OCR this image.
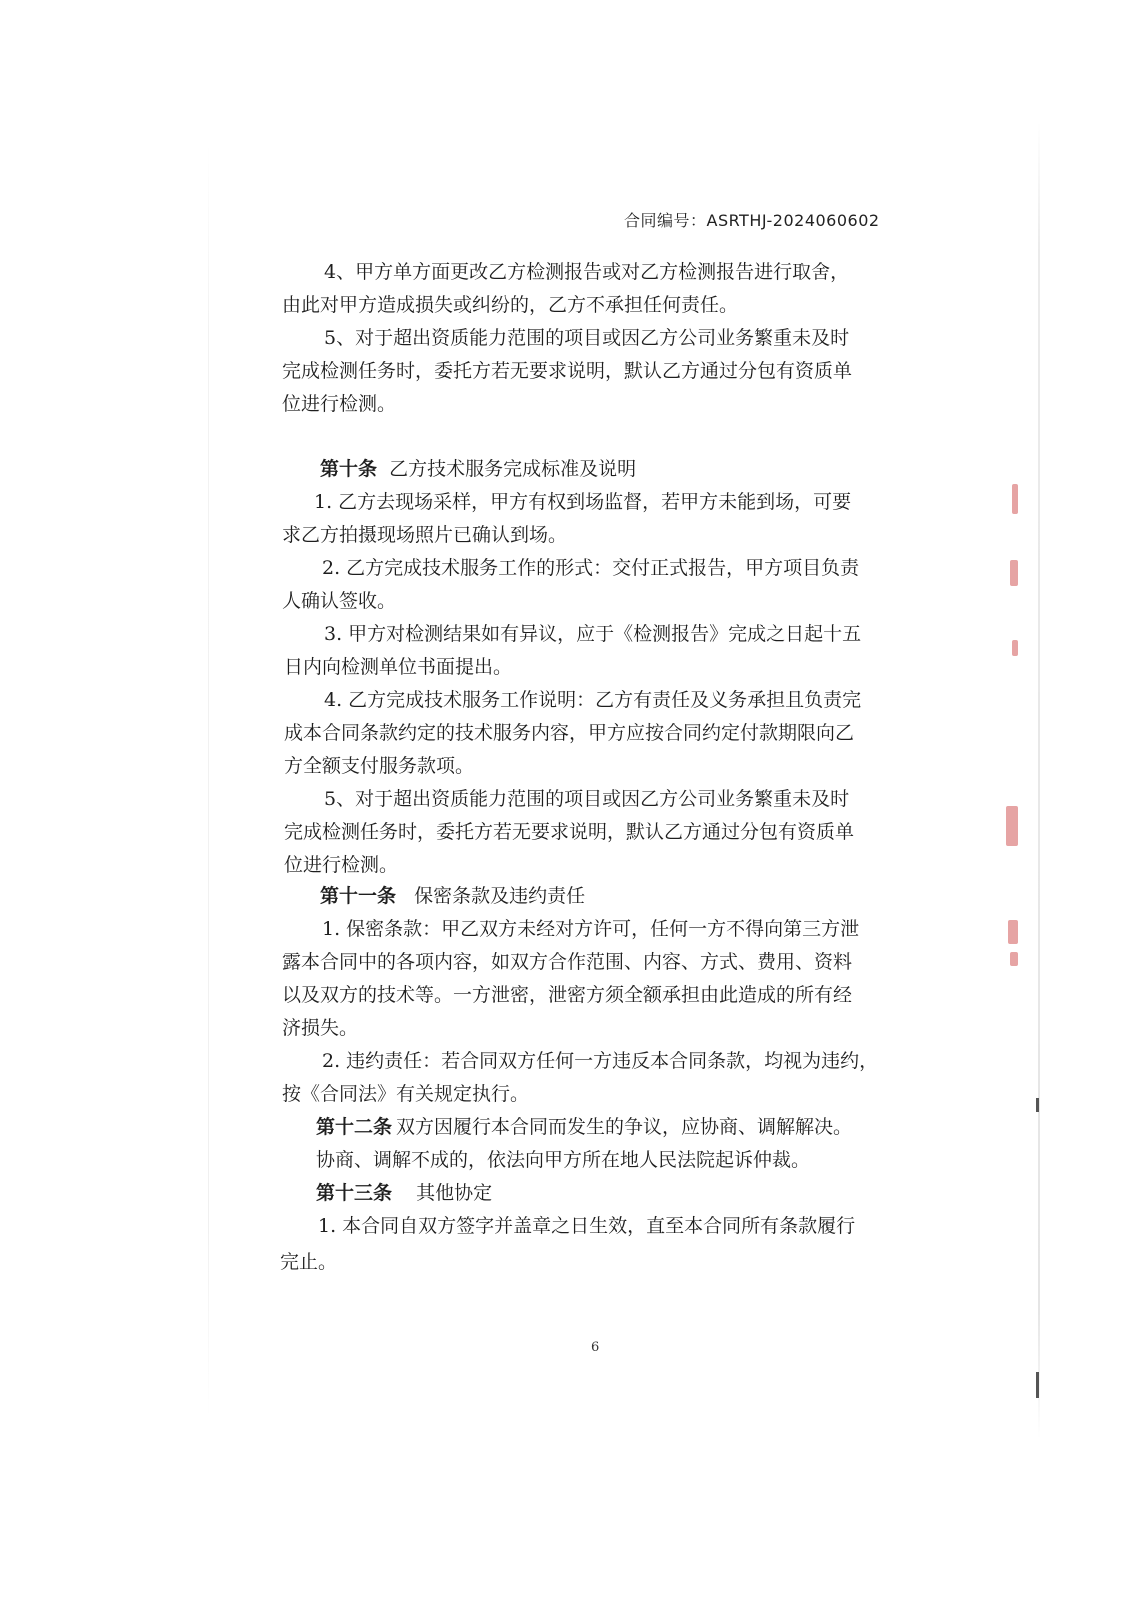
合同编号：ASRTHJ-2024060602
4、甲方单方面更改乙方检测报告或对乙方检测报告进行取舍，
由此对甲方造成损失或纠纷的，乙方不承担任何责任。
5、对于超出资质能力范围的项目或因乙方公司业务繁重未及时
完成检测任务时，委托方若无要求说明，默认乙方通过分包有资质单
位进行检测。
第十条 乙方技术服务完成标准及说明
1. 乙方去现场采样，甲方有权到场监督，若甲方未能到场，可要
求乙方拍摄现场照片已确认到场。
2. 乙方完成技术服务工作的形式：交付正式报告，甲方项目负责
人确认签收。
3. 甲方对检测结果如有异议，应于《检测报告》完成之日起十五
日内向检测单位书面提出。
4. 乙方完成技术服务工作说明：乙方有责任及义务承担且负责完
成本合同条款约定的技术服务内容，甲方应按合同约定付款期限向乙
方全额支付服务款项。
5、对于超出资质能力范围的项目或因乙方公司业务繁重未及时
完成检测任务时，委托方若无要求说明，默认乙方通过分包有资质单
位进行检测。
第十一条 保密条款及违约责任
1. 保密条款：甲乙双方未经对方许可，任何一方不得向第三方泄
露本合同中的各项内容，如双方合作范围、内容、方式、费用、资料
以及双方的技术等。一方泄密，泄密方须全额承担由此造成的所有经
济损失。
2. 违约责任：若合同双方任何一方违反本合同条款，均视为违约，
按《合同法》有关规定执行。
第十二条 双方因履行本合同而发生的争议，应协商、调解解决。
协商、调解不成的，依法向甲方所在地人民法院起诉仲裁。
第十三条 其他协定
1. 本合同自双方签字并盖章之日生效，直至本合同所有条款履行
完止。
6
